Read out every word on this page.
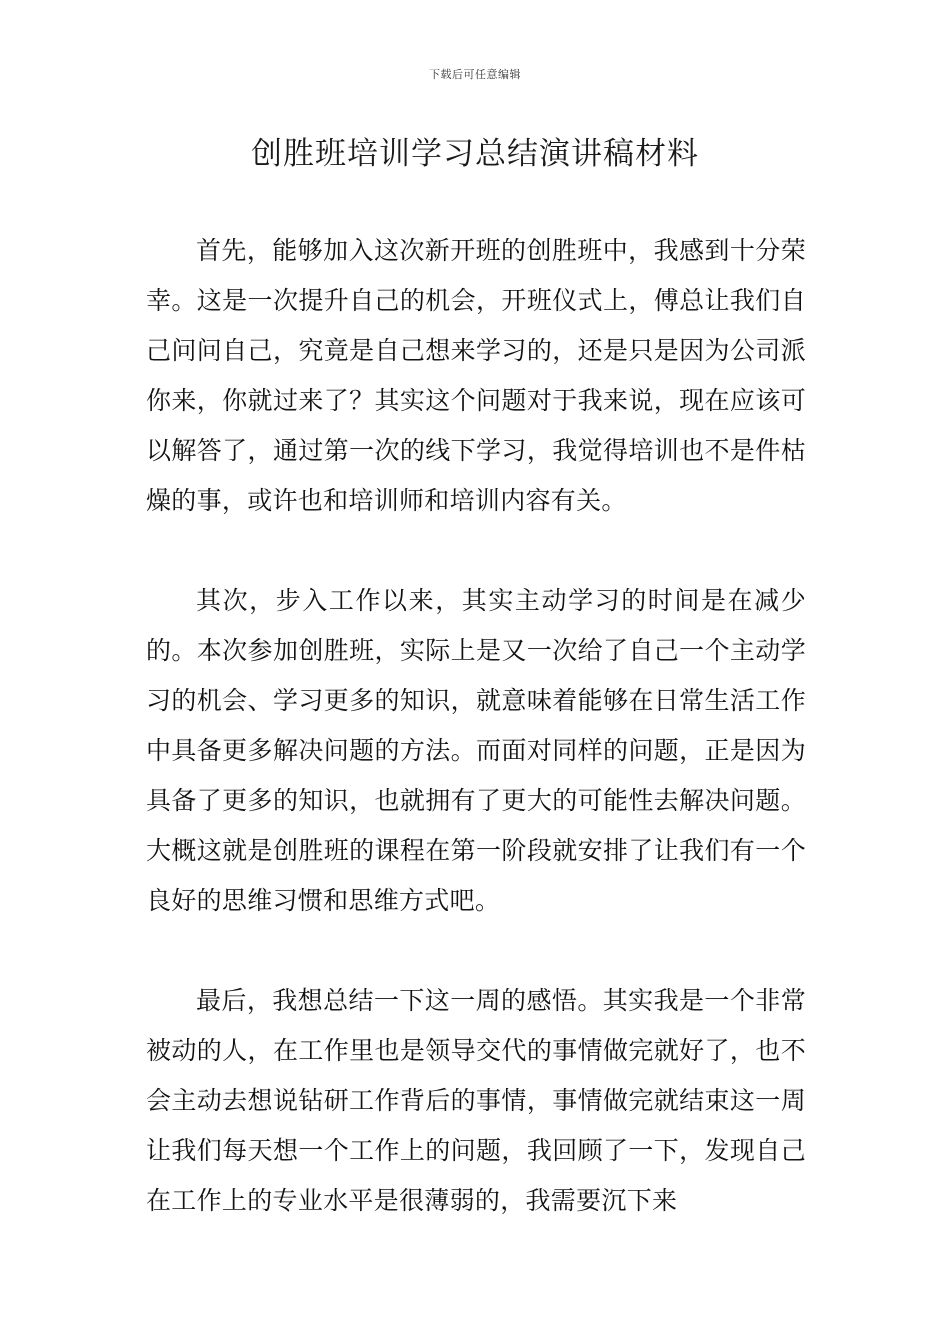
下载后可任意编辑
创胜班培训学习总结演讲稿材料

首先，能够加入这次新开班的创胜班中，我感到十分荣幸。这是一次提升自己的机会，开班仪式上，傅总让我们自己问问自己，究竟是自己想来学习的，还是只是因为公司派你来，你就过来了？其实这个问题对于我来说，现在应该可以解答了，通过第一次的线下学习，我觉得培训也不是件枯燥的事，或许也和培训师和培训内容有关。

其次，步入工作以来，其实主动学习的时间是在减少的。本次参加创胜班，实际上是又一次给了自己一个主动学习的机会、学习更多的知识，就意味着能够在日常生活工作中具备更多解决问题的方法。而面对同样的问题，正是因为具备了更多的知识，也就拥有了更大的可能性去解决问题。大概这就是创胜班的课程在第一阶段就安排了让我们有一个良好的思维习惯和思维方式吧。

最后，我想总结一下这一周的感悟。其实我是一个非常被动的人，在工作里也是领导交代的事情做完就好了，也不会主动去想说钻研工作背后的事情，事情做完就结束这一周让我们每天想一个工作上的问题，我回顾了一下，发现自己在工作上的专业水平是很薄弱的，我需要沉下来
